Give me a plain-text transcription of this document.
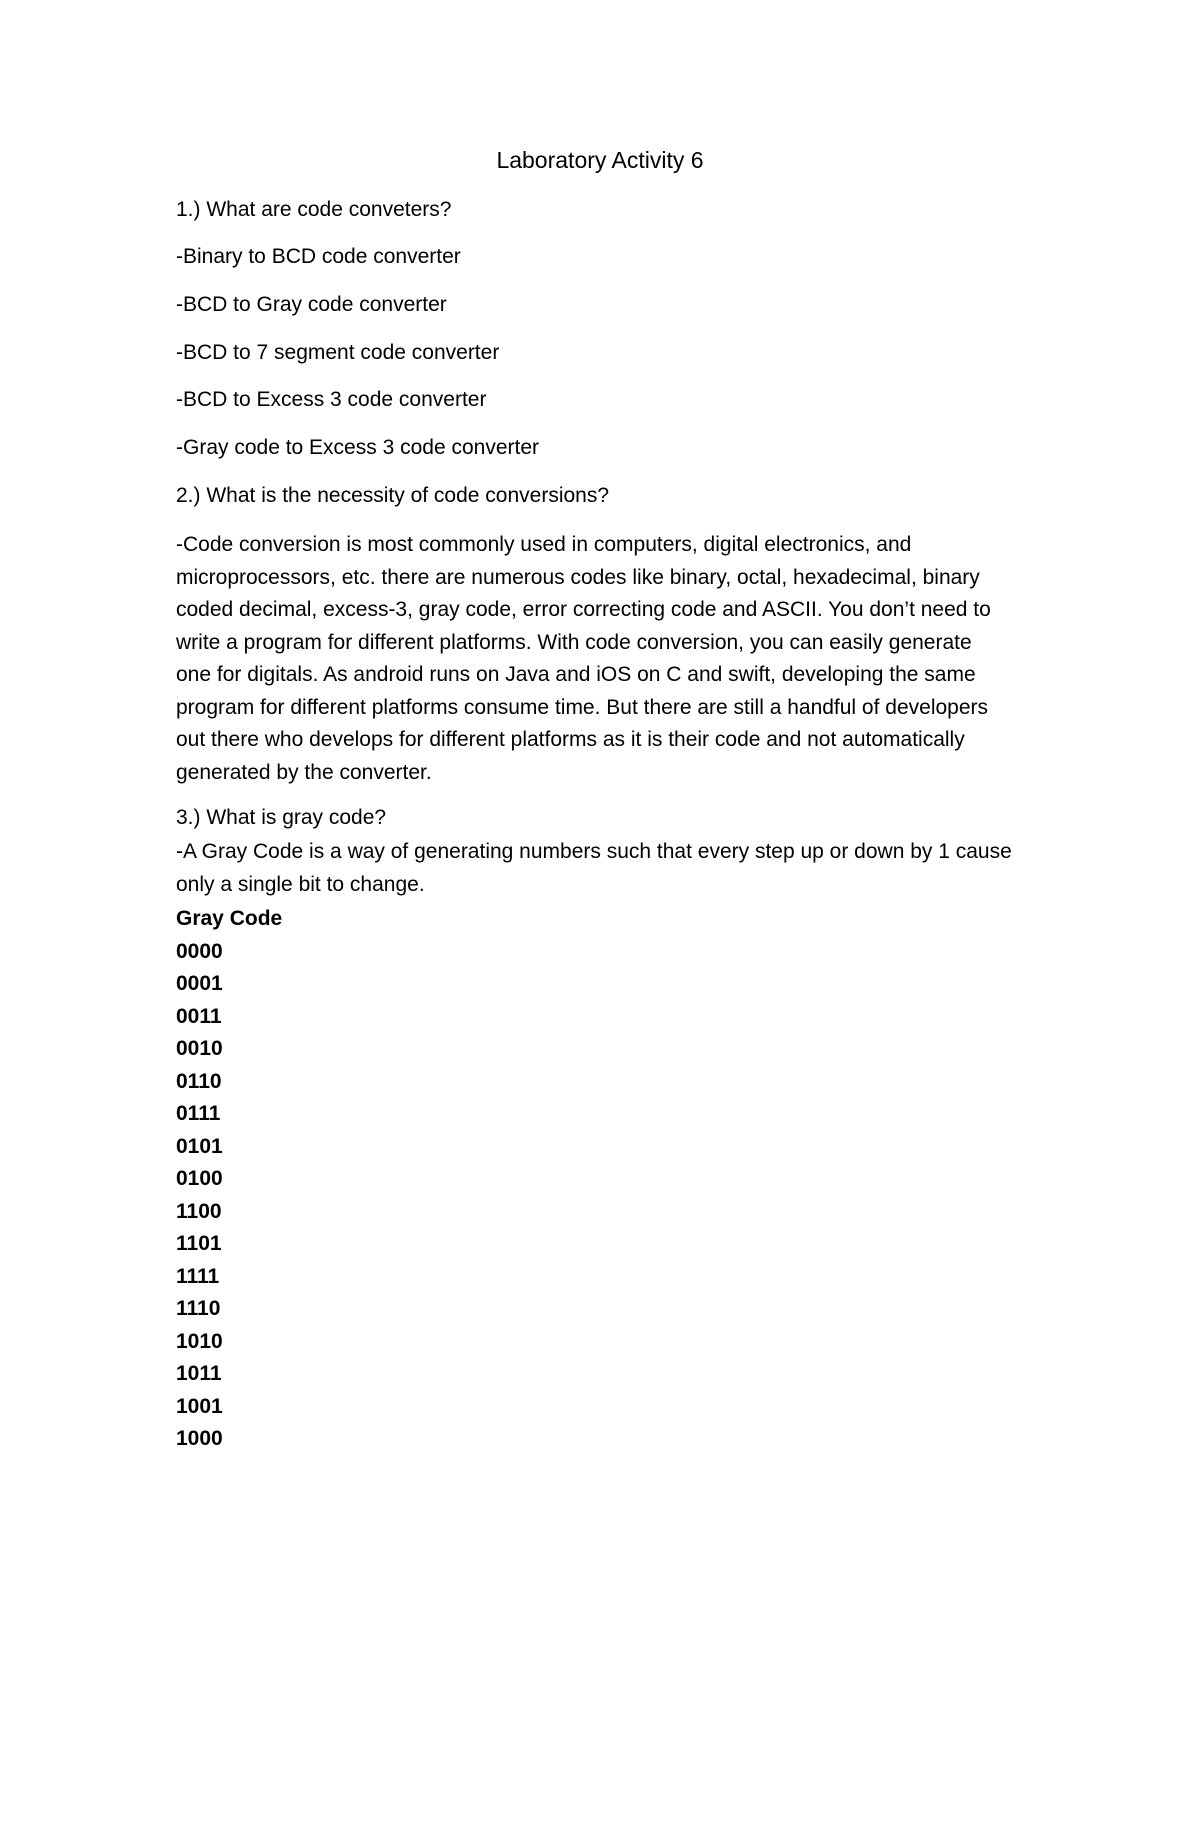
Laboratory Activity 6

1.) What are code conveters?

-Binary to BCD code converter

-BCD to Gray code converter

-BCD to 7 segment code converter

-BCD to Excess 3 code converter

-Gray code to Excess 3 code converter

2.) What is the necessity of code conversions?

-Code conversion is most commonly used in computers, digital electronics, and
microprocessors, etc. there are numerous codes like binary, octal, hexadecimal, binary
coded decimal, excess-3, gray code, error correcting code and ASCII. You don’t need to
write a program for different platforms. With code conversion, you can easily generate
one for digitals. As android runs on Java and iOS on C and swift, developing the same
program for different platforms consume time. But there are still a handful of developers
out there who develops for different platforms as it is their code and not automatically
generated by the converter.

3.) What is gray code?

-A Gray Code is a way of generating numbers such that every step up or down by 1 cause
only a single bit to change.
Gray Code
0000
0001
0011
0010
0110
0111
0101
0100
1100
1101
1111
1110
1010
1011
1001
1000
